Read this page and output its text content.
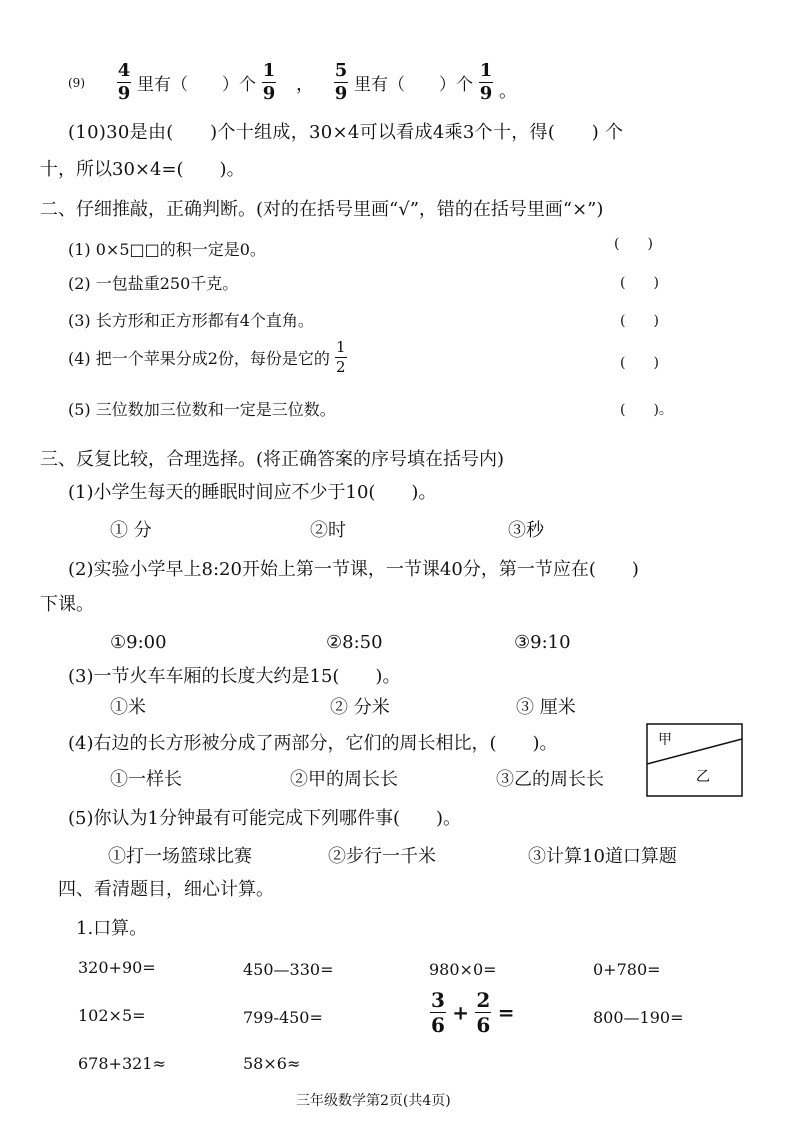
$(9) \frac{4}{9}$ 里有（　　）个 $\frac{1}{9}$ ， $\frac{5}{9}$ 里有（　　）个 $\frac{1}{9}$ 。
(10)30是由(　　)个十组成，30×4可以看成4乘3个十，得(　　) 个
十，所以30×4=(　　)。
二、仔细推敲，正确判断。(对的在括号里画“√”，错的在括号里画“×”)
(1) 0×5□□的积一定是0。	(　　)
(2) 一包盐重250千克。	(　　)
(3) 长方形和正方形都有4个直角。	(　　)
(4) 把一个苹果分成2份，每份是它的 $\frac{1}{2}$	(　　)
(5) 三位数加三位数和一定是三位数。	(　　)。
三、反复比较，合理选择。(将正确答案的序号填在括号内)
(1)小学生每天的睡眠时间应不少于10(　　)。
① 分	②时	③秒
(2)实验小学早上8:20开始上第一节课，一节课40分，第一节应在(　　)
下课。
①9:00	②8:50	③9:10
(3)一节火车车厢的长度大约是15(　　)。
①米	② 分米	③ 厘米
(4)右边的长方形被分成了两部分，它们的周长相比，(　　)。
①一样长	②甲的周长长	③乙的周长长
甲
乙
(5)你认为1分钟最有可能完成下列哪件事(　　)。
①打一场篮球比赛	②步行一千米	③计算10道口算题
四、看清题目，细心计算。
1.口算。
320+90=	450—330=	980×0=	0+780=
102×5=	799-450=	$\frac{3}{6} + \frac{2}{6}$ =	800—190=
678+321≈	58×6≈
三年级数学第2页(共4页)
